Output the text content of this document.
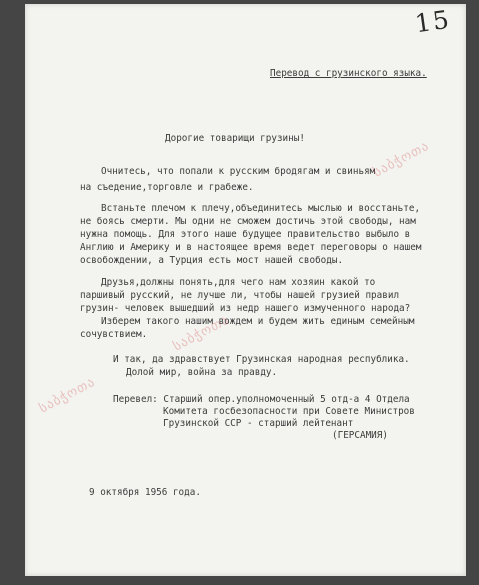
15
Перевод с грузинского языка.
Дорогие товарищи грузины!
Очнитесь, что попали к русским бродягам и свиньям
на съедение,торговле и грабеже.
Встаньте плечом к плечу,объединитесь мыслью и восстаньте,
не боясь смерти. Мы одни не сможем достичь этой свободы, нам
нужна помощь. Для этого наше будущее правительство выбыло в
Англию и Америку и в настоящее время ведет переговоры о нашем
освобождении, а Турция есть мост нашей свободы.
Друзья,должны понять,для чего нам хозяин какой то
паршивый русский, не лучше ли, чтобы нашей грузией правил
грузин- человек вышедший из недр нашего измученного народа?
Изберем такого нашим вождем и будем жить единым семейным
сочувствием.
И так, да здравствует Грузинская народная республика.
Долой мир, война за правду.
Перевел: Старший опер.уполномоченный 5 отд-а 4 Отдела
Комитета госбезопасности при Совете Министров
Грузинской ССР - старший лейтенант
(ГЕРСАМИЯ)
9 октября 1956 года.
საბჭოთა
საბჭოთა
საბჭოთა
